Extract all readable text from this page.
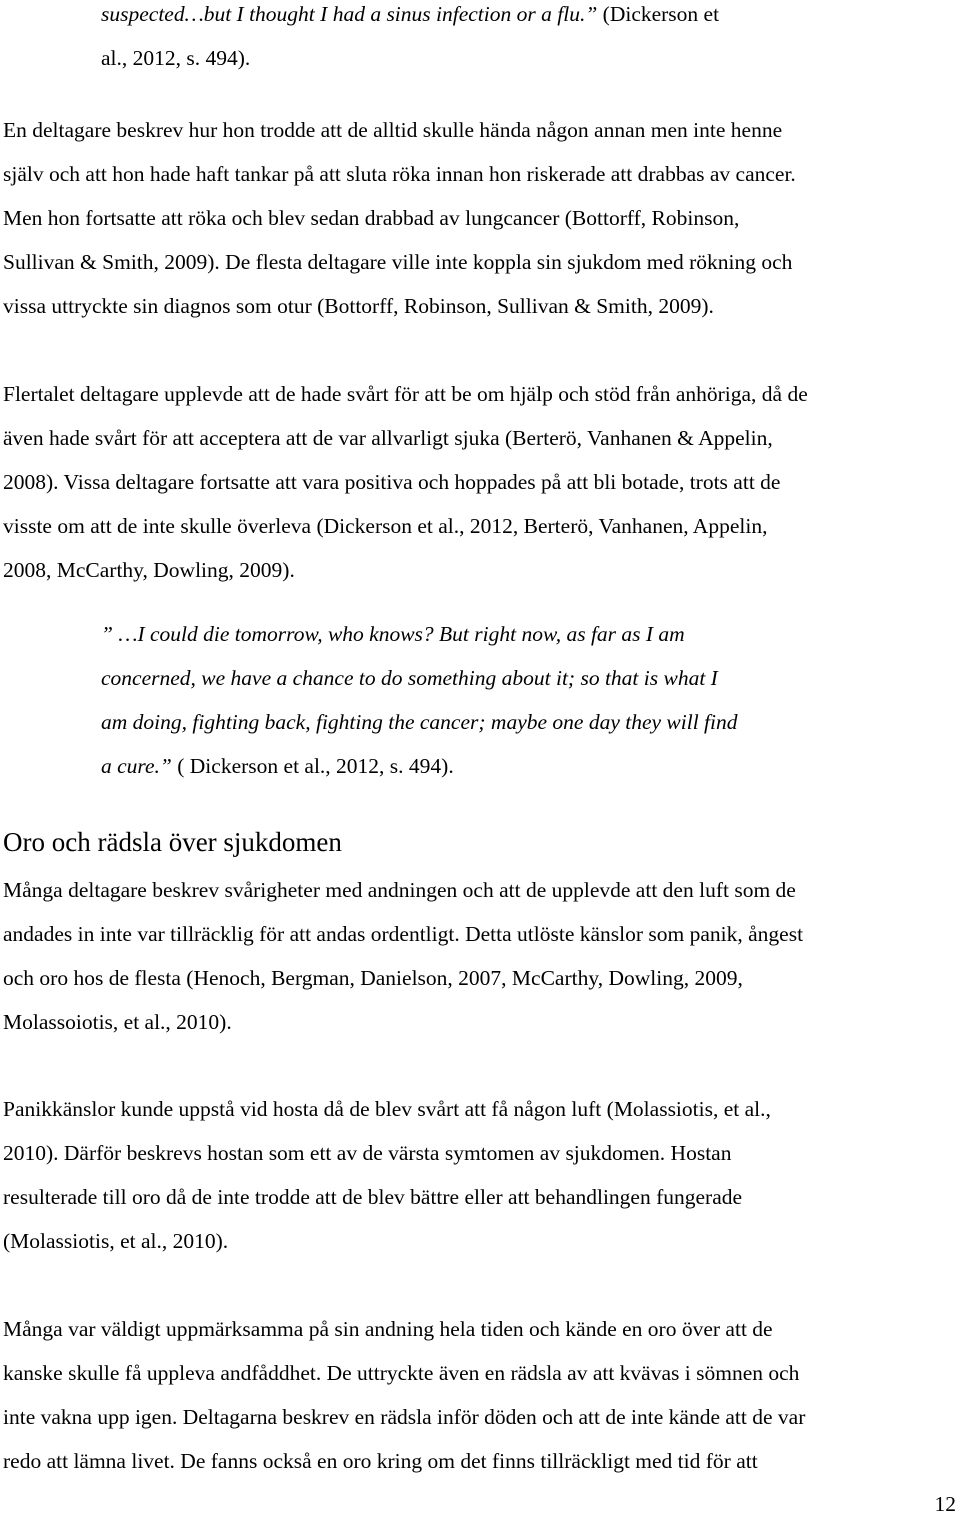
suspected…but I thought I had a sinus infection or a flu.” (Dickerson et
al., 2012, s. 494).
En deltagare beskrev hur hon trodde att de alltid skulle hända någon annan men inte henne
själv och att hon hade haft tankar på att sluta röka innan hon riskerade att drabbas av cancer.
Men hon fortsatte att röka och blev sedan drabbad av lungcancer (Bottorff, Robinson,
Sullivan & Smith, 2009). De flesta deltagare ville inte koppla sin sjukdom med rökning och
vissa uttryckte sin diagnos som otur (Bottorff, Robinson, Sullivan & Smith, 2009).
Flertalet deltagare upplevde att de hade svårt för att be om hjälp och stöd från anhöriga, då de
även hade svårt för att acceptera att de var allvarligt sjuka (Berterö, Vanhanen & Appelin,
2008). Vissa deltagare fortsatte att vara positiva och hoppades på att bli botade, trots att de
visste om att de inte skulle överleva (Dickerson et al., 2012, Berterö, Vanhanen, Appelin,
2008, McCarthy, Dowling, 2009).
” …I could die tomorrow, who knows? But right now, as far as I am
concerned, we have a chance to do something about it; so that is what I
am doing, fighting back, fighting the cancer; maybe one day they will find
a cure.” ( Dickerson et al., 2012, s. 494).
Oro och rädsla över sjukdomen
Många deltagare beskrev svårigheter med andningen och att de upplevde att den luft som de
andades in inte var tillräcklig för att andas ordentligt. Detta utlöste känslor som panik, ångest
och oro hos de flesta (Henoch, Bergman, Danielson, 2007, McCarthy, Dowling, 2009,
Molassoiotis, et al., 2010).
Panikkänslor kunde uppstå vid hosta då de blev svårt att få någon luft (Molassiotis, et al.,
2010). Därför beskrevs hostan som ett av de värsta symtomen av sjukdomen. Hostan
resulterade till oro då de inte trodde att de blev bättre eller att behandlingen fungerade
(Molassiotis, et al., 2010).
Många var väldigt uppmärksamma på sin andning hela tiden och kände en oro över att de
kanske skulle få uppleva andfåddhet. De uttryckte även en rädsla av att kvävas i sömnen och
inte vakna upp igen. Deltagarna beskrev en rädsla inför döden och att de inte kände att de var
redo att lämna livet. De fanns också en oro kring om det finns tillräckligt med tid för att
12
